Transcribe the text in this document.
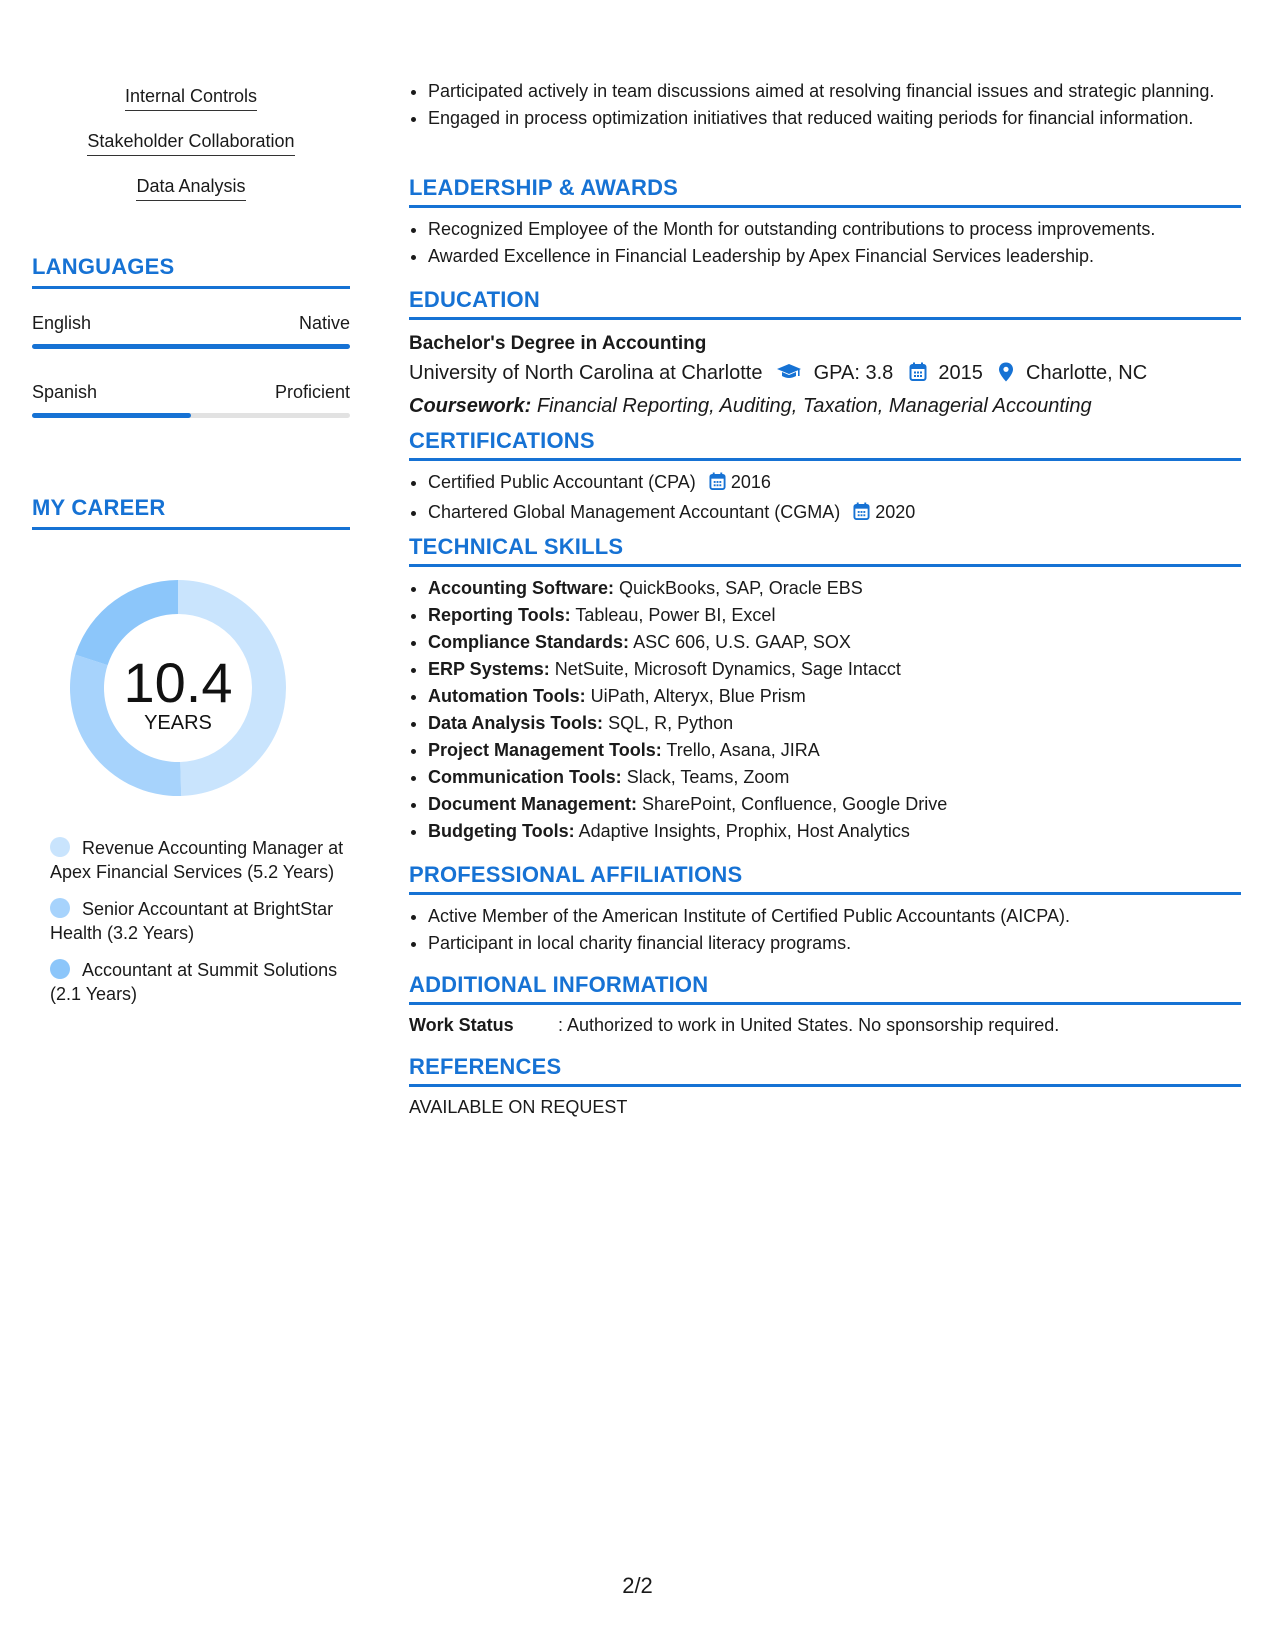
Internal Controls
Stakeholder Collaboration
Data Analysis
LANGUAGES
English	Native
Spanish	Proficient
MY CAREER
10.4
YEARS
Revenue Accounting Manager at Apex Financial Services (5.2 Years)
Senior Accountant at BrightStar Health (3.2 Years)
Accountant at Summit Solutions (2.1 Years)
• Participated actively in team discussions aimed at resolving financial issues and strategic planning.
• Engaged in process optimization initiatives that reduced waiting periods for financial information.
LEADERSHIP & AWARDS
• Recognized Employee of the Month for outstanding contributions to process improvements.
• Awarded Excellence in Financial Leadership by Apex Financial Services leadership.
EDUCATION
Bachelor's Degree in Accounting
University of North Carolina at Charlotte	GPA: 3.8 2015 Charlotte, NC
Coursework: Financial Reporting, Auditing, Taxation, Managerial Accounting
CERTIFICATIONS
• Certified Public Accountant (CPA) 2016
• Chartered Global Management Accountant (CGMA) 2020
TECHNICAL SKILLS
• Accounting Software: QuickBooks, SAP, Oracle EBS
• Reporting Tools: Tableau, Power BI, Excel
• Compliance Standards: ASC 606, U.S. GAAP, SOX
• ERP Systems: NetSuite, Microsoft Dynamics, Sage Intacct
• Automation Tools: UiPath, Alteryx, Blue Prism
• Data Analysis Tools: SQL, R, Python
• Project Management Tools: Trello, Asana, JIRA
• Communication Tools: Slack, Teams, Zoom
• Document Management: SharePoint, Confluence, Google Drive
• Budgeting Tools: Adaptive Insights, Prophix, Host Analytics
PROFESSIONAL AFFILIATIONS
• Active Member of the American Institute of Certified Public Accountants (AICPA).
• Participant in local charity financial literacy programs.
ADDITIONAL INFORMATION
Work Status : Authorized to work in United States. No sponsorship required.
REFERENCES
AVAILABLE ON REQUEST
2/2
